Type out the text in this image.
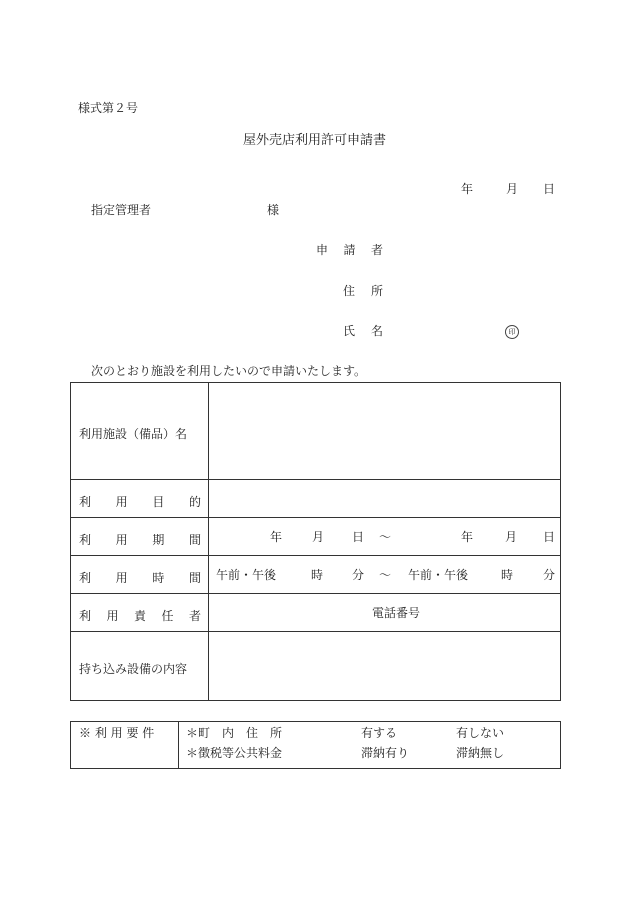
様式第２号
屋外売店利用許可申請書
年	月 日
指定管理者	様
申 請 者
住 所
氏 名	印
次のとおり施設を利用したいので申請いたします。
利用施設（備品）名
利 用 目 的
利 用 期 間	年 月 日 ～	年	月 日
利 用 時 間 午前・午後	時 分 ～ 午前・午後	時 分
利 用 責 任 者	電話番号
持ち込み設備の内容
※ 利 用 要 件	＊町　内　住　所	有する	有しない
＊徴税等公共料金	滞納有り	滞納無し
